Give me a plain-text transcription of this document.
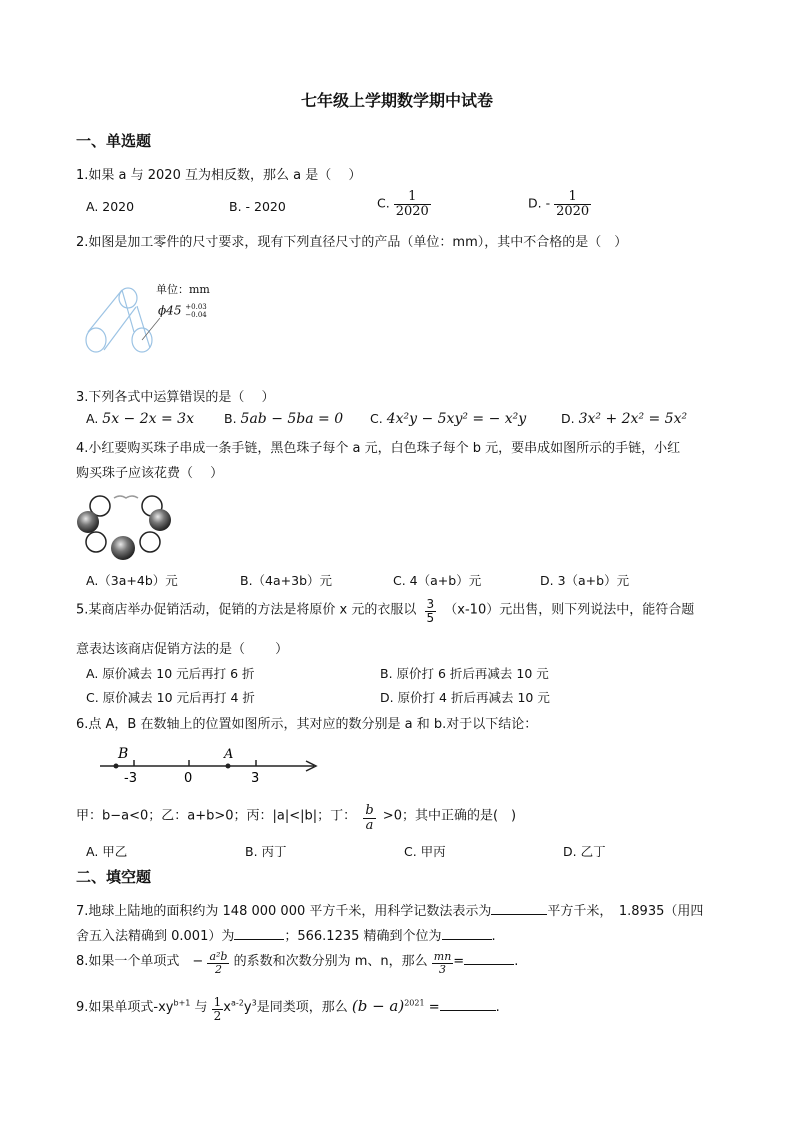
七年级上学期数学期中试卷
一、单选题
1.如果 a 与 2020 互为相反数，那么 a 是（　 ）
A. 2020	B. - 2020	C. $\frac{1}{2020}$	D. - $\frac{1}{2020}$
2.如图是加工零件的尺寸要求，现有下列直径尺寸的产品（单位：mm），其中不合格的是（　）
单位：mm
ϕ45 +0.03
−0.04
3.下列各式中运算错误的是（　 ）
A. 5x − 2x = 3x B. 5ab − 5ba = 0 C. 4x²y − 5xy² = − x²y	D. 3x² + 2x² = 5x²
4.小红要购买珠子串成一条手链，黑色珠子每个 a 元，白色珠子每个 b 元，要串成如图所示的手链，小红
购买珠子应该花费（　 ）
A.（3a+4b）元	B.（4a+3b）元	C. 4（a+b）元	D. 3（a+b）元
5.某商店举办促销活动，促销的方法是将原价 x 元的衣服以 $\frac{3}{5} (x-10)$元出售，则下列说法中，能符合题
意表达该商店促销方法的是（　　 ）
A. 原价减去 10 元后再打 6 折	B. 原价打 6 折后再减去 10 元
C. 原价减去 10 元后再打 4 折	D. 原价打 4 折后再减去 10 元
6.点 A，B 在数轴上的位置如图所示，其对应的数分别是 a 和 b.对于以下结论：
B	A
-3	0	3
甲：b−a<0；乙：a+b>0；丙：|a|<|b|；丁： $\frac{b}{a} >0$；其中正确的是(　)
A. 甲乙	B. 丙丁	C. 甲丙	D. 乙丁
二、填空题
7.地球上陆地的面积约为 148 000 000 平方千米，用科学记数法表示为	平方千米，　1.8935（用四
舍五入法精确到 0.001）为	；566.1235 精确到个位为	.
8.如果一个单项式　− $\frac{\text{a²b}}{2}$ 的系数和次数分别为 m、n，那么 $\frac{mn}{3}$ =	.
9.如果单项式$-xy^{b+1}$ 与 $\frac{1}{2} x^{a-2}y^3$是同类项，那么 $(b - a)^{2021}$ =	.
